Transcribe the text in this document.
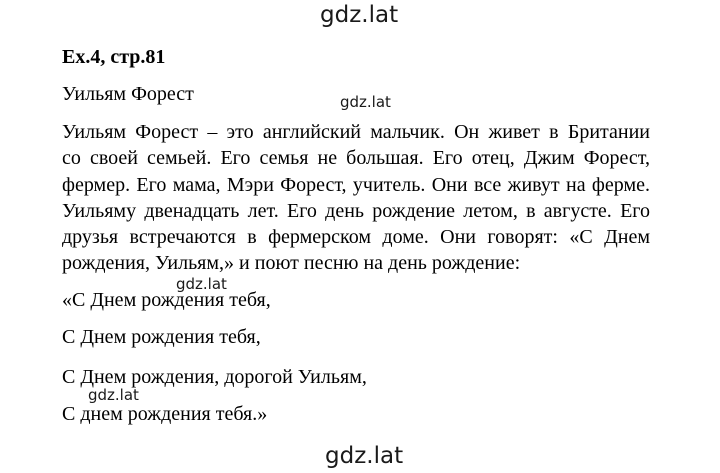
gdz.lat
Ex.4, стр.81
Уильям Форест	gdz.lat
Уильям Форест – это английский мальчик. Он живет в Британии
со своей семьей. Его семья не большая. Его отец, Джим Форест,
фермер. Его мама, Мэри Форест, учитель. Они все живут на ферме.
Уильяму двенадцать лет. Его день рождение летом, в августе. Его
друзья встречаются в фермерском доме. Они говорят: «С Днем
рождения, Уильям,» и поют песню на день рождение:
gdz.lat
«С Днем рождения тебя,
С Днем рождения тебя,
С Днем рождения, дорогой Уильям,
gdz.lat
С днем рождения тебя.»
gdz.lat
